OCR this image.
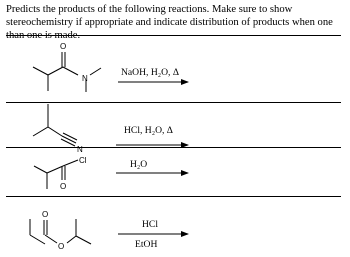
Predicts the products of the following reactions. Make sure to show stereochemistry if appropriate and indicate distribution of products when one than one is made.

O
N
N
Cl
O
O
O
NaOH, H₂O, Δ
HCl, H₂O, Δ
H₂O
HCl
EtOH
